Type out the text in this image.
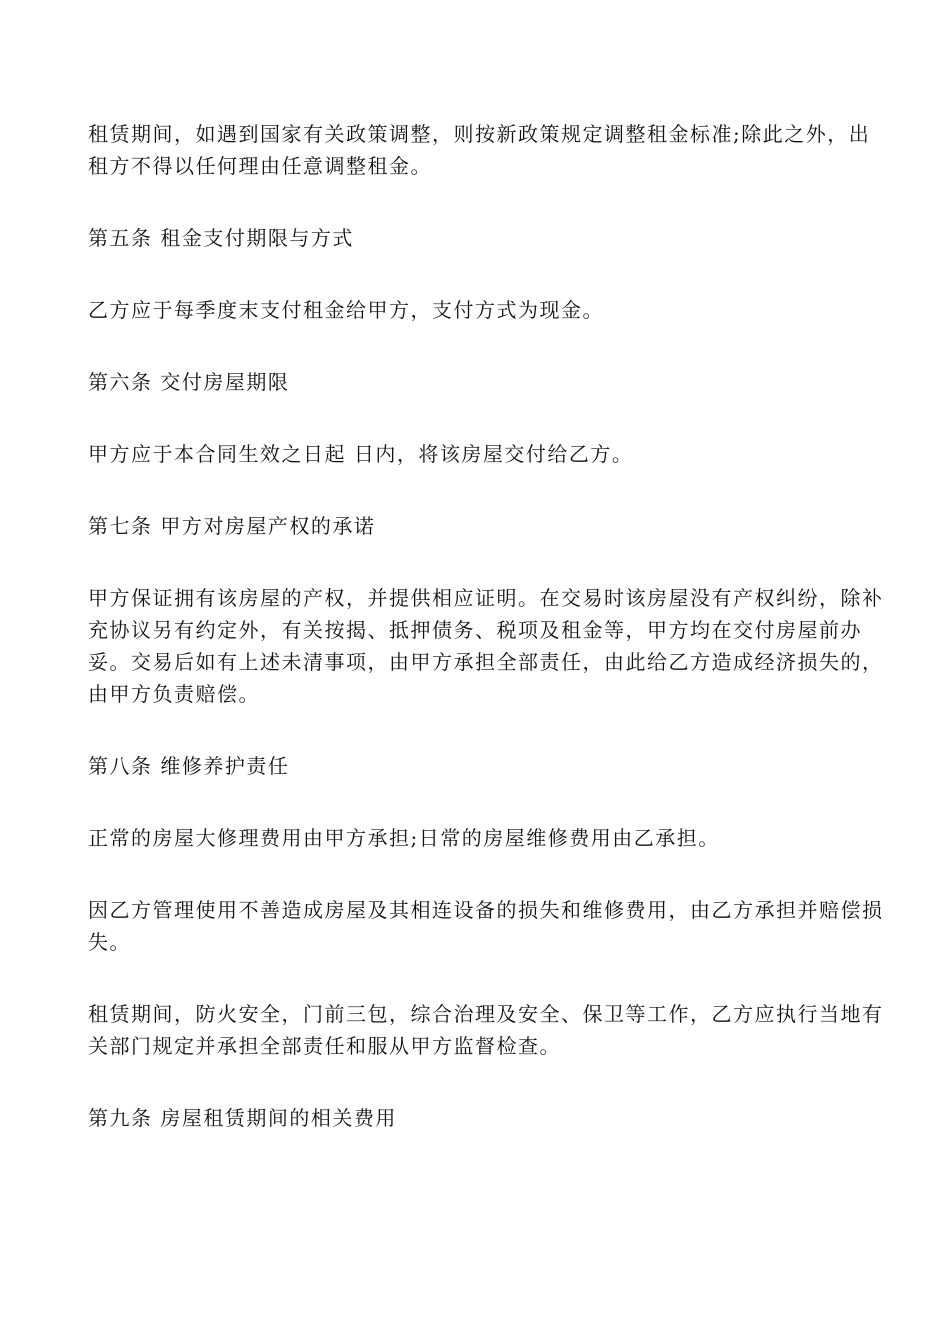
租赁期间，如遇到国家有关政策调整，则按新政策规定调整租金标准;除此之外，出租方不得以任何理由任意调整租金。

第五条 租金支付期限与方式

乙方应于每季度末支付租金给甲方，支付方式为现金。

第六条 交付房屋期限

甲方应于本合同生效之日起 日内，将该房屋交付给乙方。

第七条 甲方对房屋产权的承诺

甲方保证拥有该房屋的产权，并提供相应证明。在交易时该房屋没有产权纠纷，除补充协议另有约定外，有关按揭、抵押债务、税项及租金等，甲方均在交付房屋前办妥。交易后如有上述未清事项，由甲方承担全部责任，由此给乙方造成经济损失的，由甲方负责赔偿。

第八条 维修养护责任

正常的房屋大修理费用由甲方承担;日常的房屋维修费用由乙承担。

因乙方管理使用不善造成房屋及其相连设备的损失和维修费用，由乙方承担并赔偿损失。

租赁期间，防火安全，门前三包，综合治理及安全、保卫等工作，乙方应执行当地有关部门规定并承担全部责任和服从甲方监督检查。

第九条 房屋租赁期间的相关费用
